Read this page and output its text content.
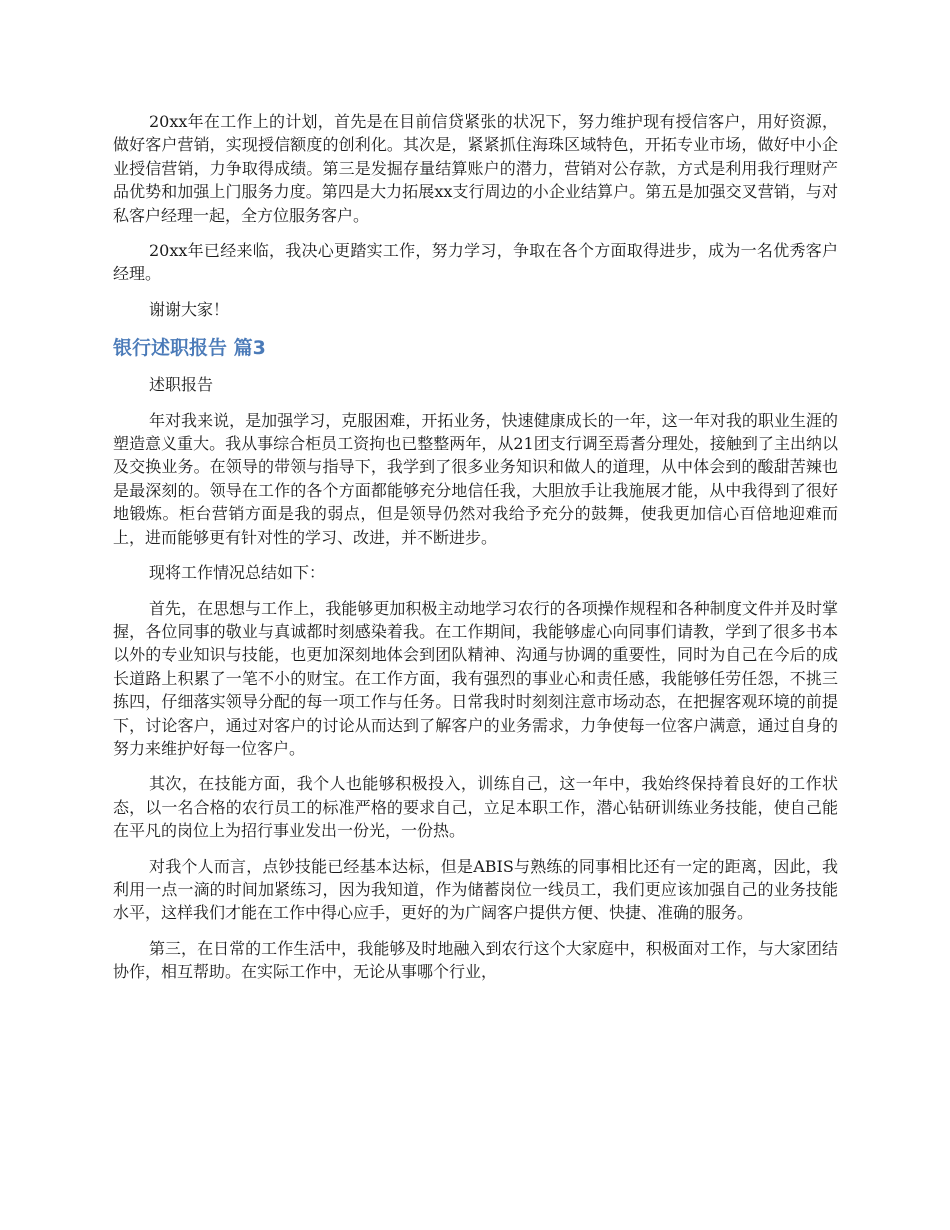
20xx年在工作上的计划，首先是在目前信贷紧张的状况下，努力维护现有授信客户，用好资源，做好客户营销，实现授信额度的创利化。其次是，紧紧抓住海珠区域特色，开拓专业市场，做好中小企业授信营销，力争取得成绩。第三是发掘存量结算账户的潜力，营销对公存款，方式是利用我行理财产品优势和加强上门服务力度。第四是大力拓展xx支行周边的小企业结算户。第五是加强交叉营销，与对私客户经理一起，全方位服务客户。

20xx年已经来临，我决心更踏实工作，努力学习，争取在各个方面取得进步，成为一名优秀客户经理。

谢谢大家！

银行述职报告 篇3

述职报告

年对我来说，是加强学习，克服困难，开拓业务，快速健康成长的一年，这一年对我的职业生涯的塑造意义重大。我从事综合柜员工资拘也已整整两年，从21团支行调至焉耆分理处，接触到了主出纳以及交换业务。在领导的带领与指导下，我学到了很多业务知识和做人的道理，从中体会到的酸甜苦辣也是最深刻的。领导在工作的各个方面都能够充分地信任我，大胆放手让我施展才能，从中我得到了很好地锻炼。柜台营销方面是我的弱点，但是领导仍然对我给予充分的鼓舞，使我更加信心百倍地迎难而上，进而能够更有针对性的学习、改进，并不断进步。

现将工作情况总结如下：

首先，在思想与工作上，我能够更加积极主动地学习农行的各项操作规程和各种制度文件并及时掌握，各位同事的敬业与真诚都时刻感染着我。在工作期间，我能够虚心向同事们请教，学到了很多书本以外的专业知识与技能，也更加深刻地体会到团队精神、沟通与协调的重要性，同时为自己在今后的成长道路上积累了一笔不小的财宝。在工作方面，我有强烈的事业心和责任感，我能够任劳任怨，不挑三拣四，仔细落实领导分配的每一项工作与任务。日常我时时刻刻注意市场动态，在把握客观环境的前提下，讨论客户，通过对客户的讨论从而达到了解客户的业务需求，力争使每一位客户满意，通过自身的努力来维护好每一位客户。

其次，在技能方面，我个人也能够积极投入，训练自己，这一年中，我始终保持着良好的工作状态，以一名合格的农行员工的标准严格的要求自己，立足本职工作，潜心钻研训练业务技能，使自己能在平凡的岗位上为招行事业发出一份光，一份热。

对我个人而言，点钞技能已经基本达标，但是ABIS与熟练的同事相比还有一定的距离，因此，我利用一点一滴的时间加紧练习，因为我知道，作为储蓄岗位一线员工，我们更应该加强自己的业务技能水平，这样我们才能在工作中得心应手，更好的为广阔客户提供方便、快捷、准确的服务。

第三，在日常的工作生活中，我能够及时地融入到农行这个大家庭中，积极面对工作，与大家团结协作，相互帮助。在实际工作中，无论从事哪个行业，
